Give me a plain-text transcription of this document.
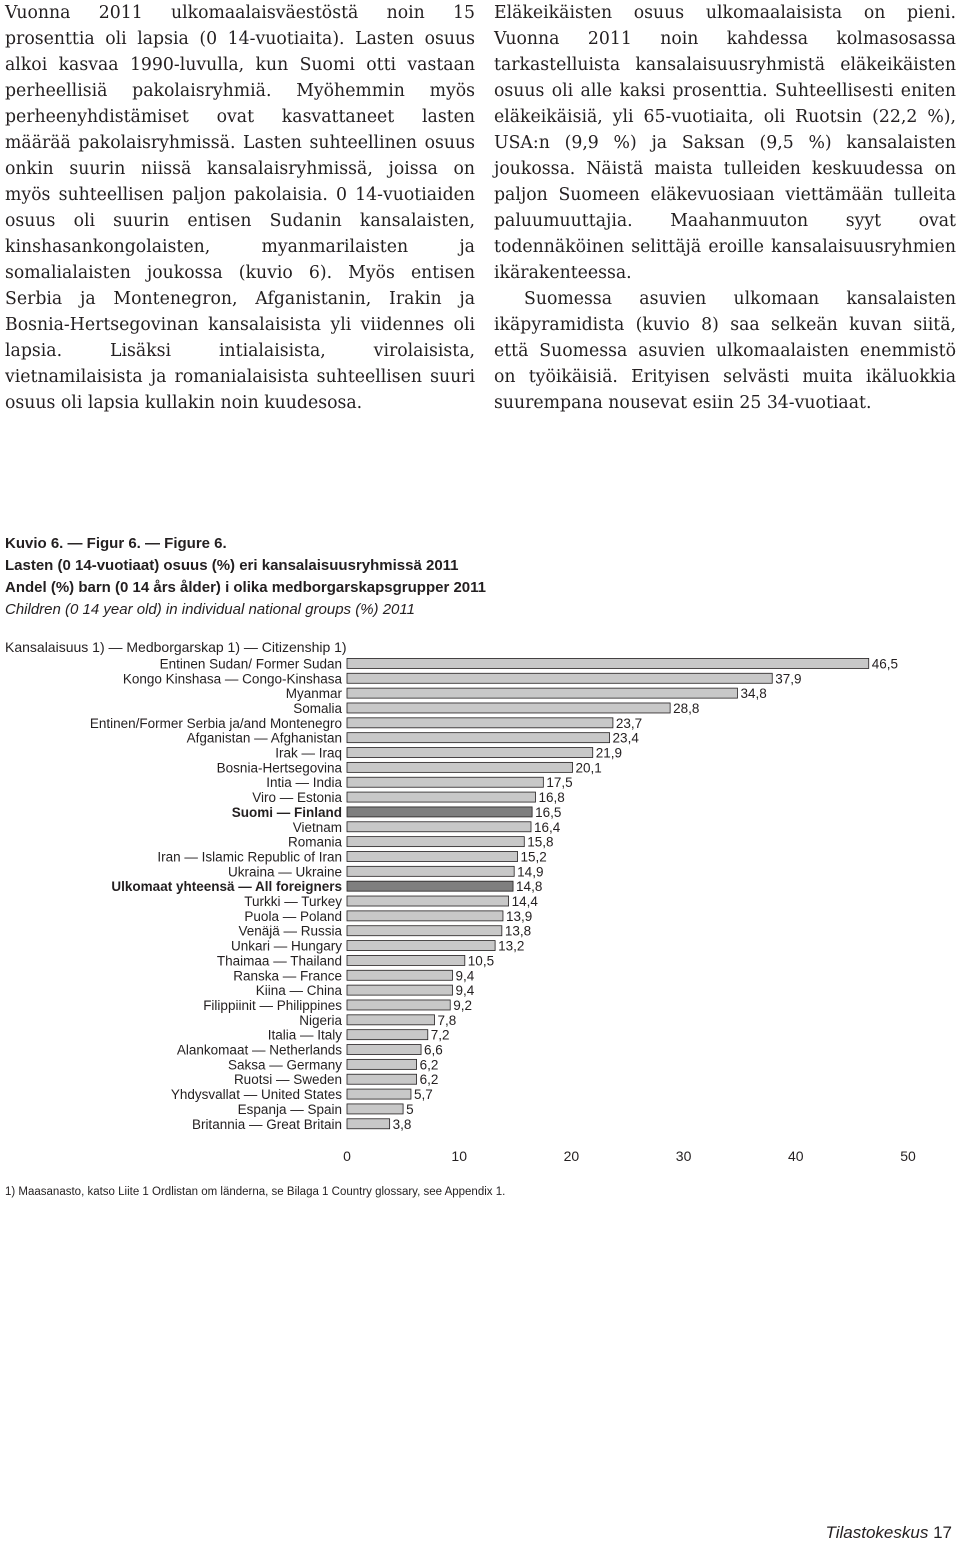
Vuonna 2011 ulkomaalaisväestöstä noin 15 prosenttia oli lapsia (0 14-vuotiaita). Lasten osuus alkoi kasvaa 1990-luvulla, kun Suomi otti vastaan perheellisiä pakolaisryhmiä. Myöhemmin myös perheenyhdistämiset ovat kasvattaneet lasten määrää pakolaisryhmissä. Lasten suhteellinen osuus onkin suurin niissä kansalaisryhmissä, joissa on myös suhteellisen paljon pakolaisia. 0 14-vuotiaiden osuus oli suurin entisen Sudanin kansalaisten, kinshasankongolaisten, myanmarilaisten ja somalialaisten joukossa (kuvio 6). Myös entisen Serbia ja Montenegron, Afganistanin, Irakin ja Bosnia-Hertsegovinan kansalaisista yli viidennes oli lapsia. Lisäksi intialaisista, virolaisista, vietnamilaisista ja romanialaisista suhteellisen suuri osuus oli lapsia kullakin noin kuudesosa.

Eläkeikäisten osuus ulkomaalaisista on pieni. Vuonna 2011 noin kahdessa kolmasosassa tarkastelluista kansalaisuusryhmistä eläkeikäisten osuus oli alle kaksi prosenttia. Suhteellisesti eniten eläkeikäisiä, yli 65-vuotiaita, oli Ruotsin (22,2 %), USA:n (9,9 %) ja Saksan (9,5 %) kansalaisten joukossa. Näistä maista tulleiden keskuudessa on paljon Suomeen eläkevuosiaan viettämään tulleita paluumuuttajia. Maahanmuuton syyt ovat todennäköinen selittäjä eroille kansalaisuusryhmien ikärakenteessa.

Suomessa asuvien ulkomaan kansalaisten ikäpyramidista (kuvio 8) saa selkeän kuvan siitä, että Suomessa asuvien ulkomaalaisten enemmistö on työikäisiä. Erityisen selvästi muita ikäluokkia suurempana nousevat esiin 25 34-vuotiaat.

Kuvio 6. — Figur 6. — Figure 6.
Lasten (0 14-vuotiaat) osuus (%) eri kansalaisuusryhmissä 2011
Andel (%) barn (0 14 års ålder) i olika medborgarskapsgrupper 2011
Children (0 14 year old) in individual national groups (%) 2011
Kansalaisuus 1) — Medborgarskap 1) — Citizenship 1)
Entinen Sudan/ Former Sudan	46,5
Kongo Kinshasa — Congo-Kinshasa	37,9
Myanmar	34,8
Somalia	28,8
Entinen/Former Serbia ja/and Montenegro	23,7
Afganistan — Afghanistan	23,4
Irak — Iraq	21,9
Bosnia-Hertsegovina	20,1
Intia — India	17,5
Viro — Estonia	16,8
Suomi — Finland	16,5
Vietnam	16,4
Romania	15,8
Iran — Islamic Republic of Iran	15,2
Ukraina — Ukraine	14,9
Ulkomaat yhteensä — All foreigners	14,8
Turkki — Turkey	14,4
Puola — Poland	13,9
Venäjä — Russia	13,8
Unkari — Hungary	13,2
Thaimaa — Thailand	10,5
Ranska — France	9,4
Kiina — China	9,4
Filippiinit — Philippines	9,2
Nigeria	7,8
Italia — Italy	7,2
Alankomaat — Netherlands	6,6
Saksa — Germany	6,2
Ruotsi — Sweden	6,2
Yhdysvallat — United States	5,7
Espanja — Spain	5
Britannia — Great Britain	3,8
0	10	20	30	40	50
1) Maasanasto, katso Liite 1 Ordlistan om länderna, se Bilaga 1 Country glossary, see Appendix 1.
Tilastokeskus 17
